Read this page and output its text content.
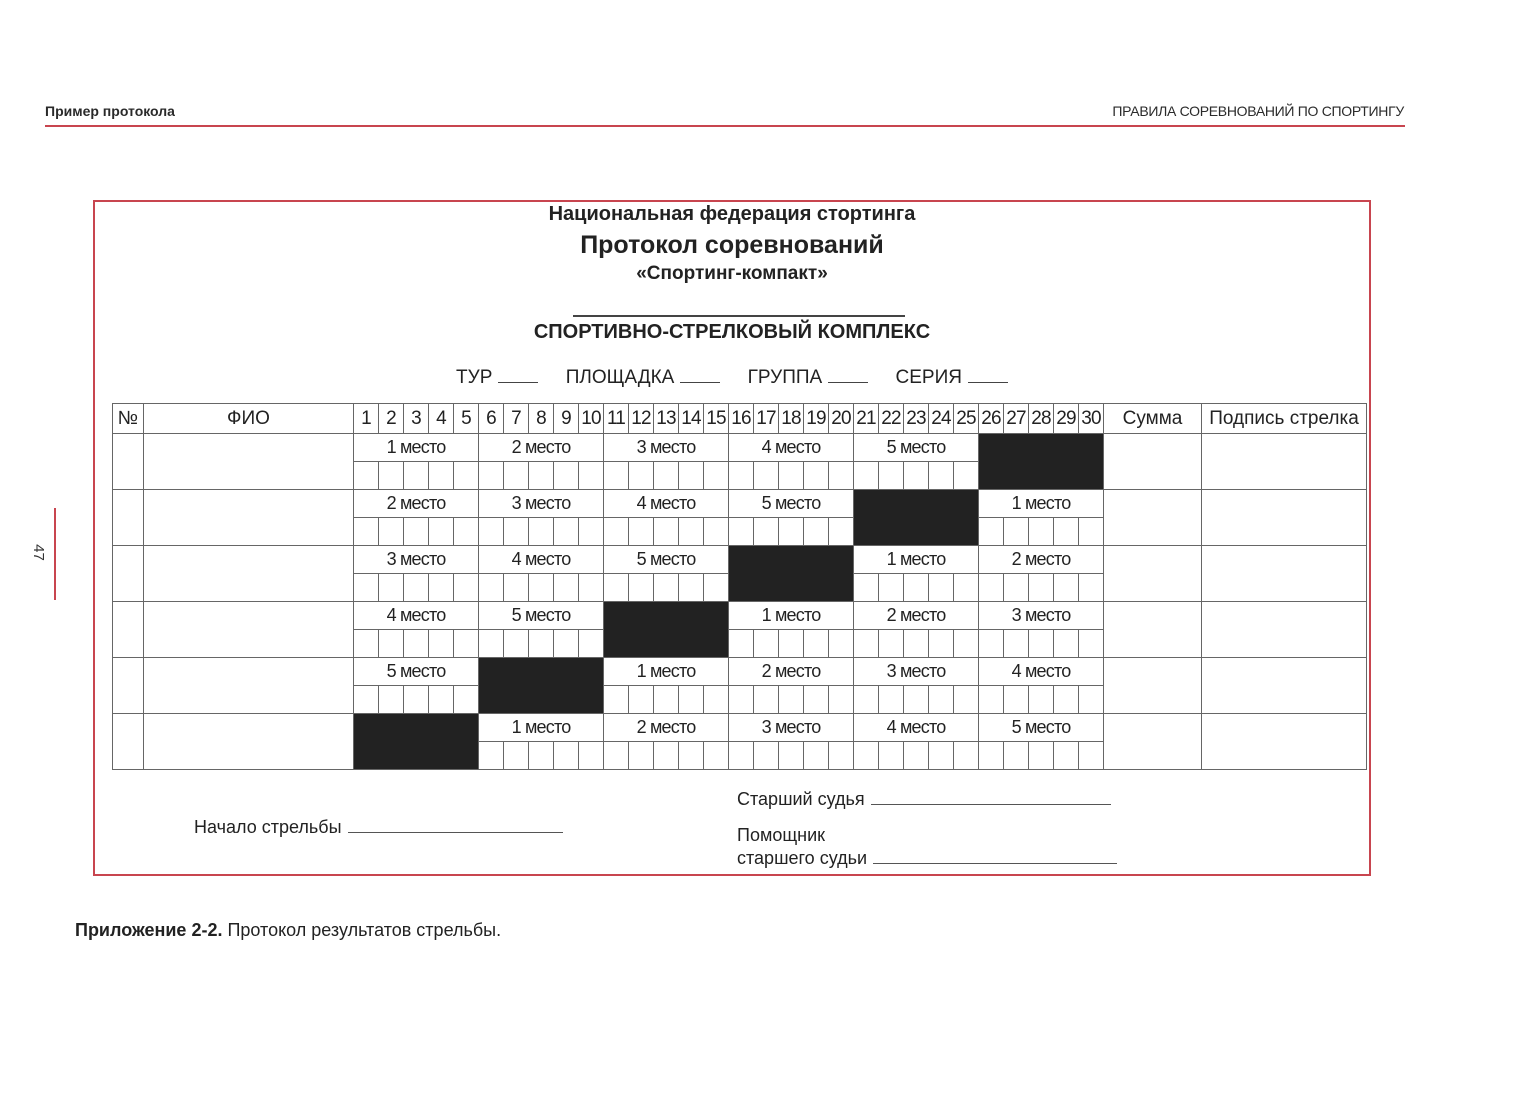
Пример протокола	ПРАВИЛА СОРЕВНОВАНИЙ ПО СПОРТИНГУ
47
Национальная федерация стортинга
Протокол соревнований
«Спортинг-компакт»
СПОРТИВНО-СТРЕЛКОВЫЙ КОМПЛЕКС
ТУР	ПЛОЩАДКА	ГРУППА	СЕРИЯ
№	ФИО	1	2	3	4	5	6	7	8	9	10	11	12	13	14	15	16	17	18	19	20	21	22	23	24	25	26	27	28	29	30	Сумма	Подпись стрелка
		1 место					2 место					3 место					4 место					5 место											

		2 место					3 место					4 место					5 место										1 место						

		3 место					4 место					5 место										1 место					2 место						

		4 место					5 место										1 место					2 место					3 место						

		5 место										1 место					2 место					3 место					4 место						

							1 место					2 место					3 место					4 место					5 место						

Начало стрельбы
Старший судья
Помощник
старшего судьи
Приложение 2-2. Протокол результатов стрельбы.
